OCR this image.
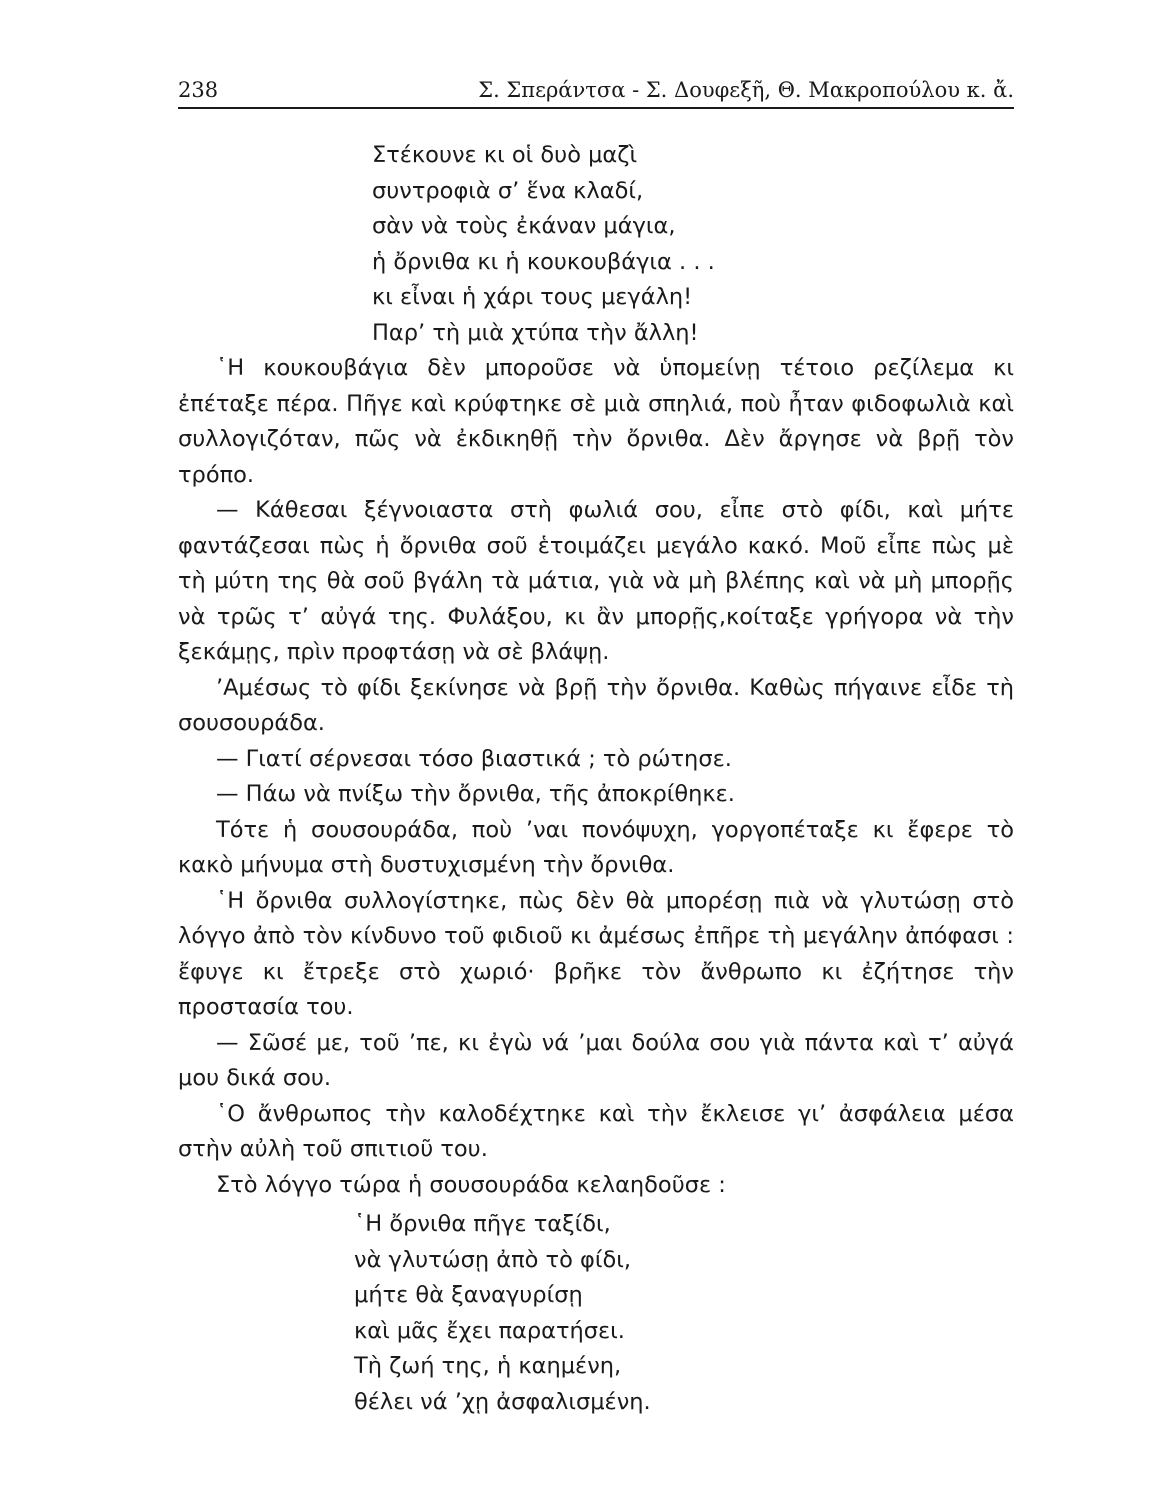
238	Σ. Σπεράντσα - Σ. Δουφεξῆ, Θ. Μακροπούλου κ. ἄ.
Στέκουνε κι οἱ δυὸ μαζὶ
συντροφιὰ σ’ ἕνα κλαδί,
σὰν νὰ τοὺς ἐκάναν μάγια,
ἡ ὄρνιθα κι ἡ κουκουβάγια . . .
κι εἶναι ἡ χάρι τους μεγάλη!
Παρ’ τὴ μιὰ χτύπα τὴν ἄλλη!

῾Η κουκουβάγια δὲν μποροῦσε νὰ ὑπομείνῃ τέτοιο ρεζίλεμα κι ἐπέταξε πέρα. Πῆγε καὶ κρύφτηκε σὲ μιὰ σπηλιά, ποὺ ἦταν φιδοφωλιὰ καὶ συλλογιζόταν, πῶς νὰ ἐκδικηθῇ τὴν ὄρνιθα. Δὲν ἄργησε νὰ βρῇ τὸν τρόπο.

— Κάθεσαι ξέγνοιαστα στὴ φωλιά σου, εἶπε στὸ φίδι, καὶ μήτε φαντάζεσαι πὼς ἡ ὄρνιθα σοῦ ἑτοιμάζει μεγάλο κακό. Μοῦ εἶπε πὼς μὲ τὴ μύτη της θὰ σοῦ βγάλη τὰ μάτια, γιὰ νὰ μὴ βλέπης καὶ νὰ μὴ μπορῇς νὰ τρῶς τ’ αὐγά της. Φυλάξου, κι ἂν μπορῇς,κοίταξε γρήγορα νὰ τὴν ξεκάμῃς, πρὶν προφτάσῃ νὰ σὲ βλάψῃ.

’Αμέσως τὸ φίδι ξεκίνησε νὰ βρῇ τὴν ὄρνιθα. Καθὼς πήγαινε εἶδε τὴ σουσουράδα.

— Γιατί σέρνεσαι τόσο βιαστικά ; τὸ ρώτησε.

— Πάω νὰ πνίξω τὴν ὄρνιθα, τῆς ἀποκρίθηκε.

Τότε ἡ σουσουράδα, ποὺ ’ναι πονόψυχη, γοργοπέταξε κι ἔφερε τὸ κακὸ μήνυμα στὴ δυστυχισμένη τὴν ὄρνιθα.

῾Η ὄρνιθα συλλογίστηκε, πὼς δὲν θὰ μπορέσῃ πιὰ νὰ γλυτώσῃ στὸ λόγγο ἀπὸ τὸν κίνδυνο τοῦ φιδιοῦ κι ἀμέσως ἐπῆρε τὴ μεγάλην ἀπόφασι : ἔφυγε κι ἔτρεξε στὸ χωριό· βρῆκε τὸν ἄνθρωπο κι ἐζήτησε τὴν προστασία του.

— Σῶσέ με, τοῦ ’πε, κι ἐγὼ νά ’μαι δούλα σου γιὰ πάντα καὶ τ’ αὐγά μου δικά σου.

῾Ο ἄνθρωπος τὴν καλοδέχτηκε καὶ τὴν ἔκλεισε γι’ ἀσφάλεια μέσα στὴν αὐλὴ τοῦ σπιτιοῦ του.

Στὸ λόγγο τώρα ἡ σουσουράδα κελαηδοῦσε :

῾Η ὄρνιθα πῆγε ταξίδι,
νὰ γλυτώσῃ ἀπὸ τὸ φίδι,
μήτε θὰ ξαναγυρίσῃ
καὶ μᾶς ἔχει παρατήσει.
Τὴ ζωή της, ἡ καημένη,
θέλει νά ’χῃ ἀσφαλισμένη.
